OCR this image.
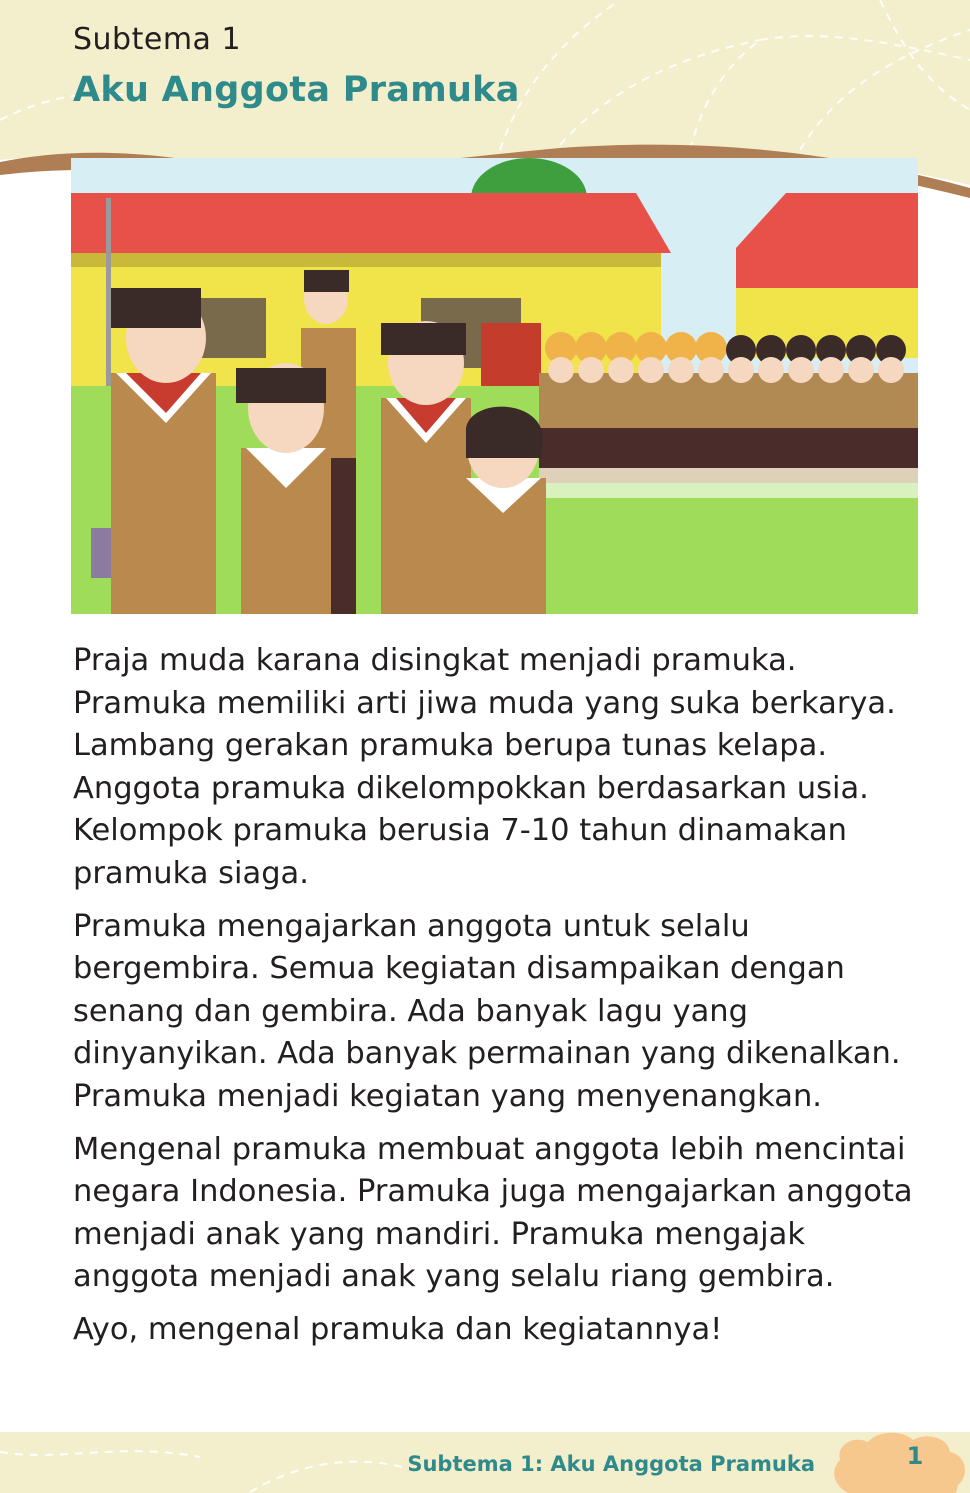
Subtema 1
Aku Anggota Pramuka

Praja muda karana disingkat menjadi pramuka. Pramuka memiliki arti jiwa muda yang suka berkarya. Lambang gerakan pramuka berupa tunas kelapa. Anggota pramuka dikelompokkan berdasarkan usia. Kelompok pramuka berusia 7-10 tahun dinamakan pramuka siaga.

Pramuka mengajarkan anggota untuk selalu bergembira. Semua kegiatan disampaikan dengan senang dan gembira. Ada banyak lagu yang dinyanyikan. Ada banyak permainan yang dikenalkan. Pramuka menjadi kegiatan yang menyenangkan.

Mengenal pramuka membuat anggota lebih mencintai negara Indonesia. Pramuka juga mengajarkan anggota menjadi anak yang mandiri. Pramuka mengajak anggota menjadi anak yang selalu riang gembira.

Ayo, mengenal pramuka dan kegiatannya!

Subtema 1: Aku Anggota Pramuka	1
